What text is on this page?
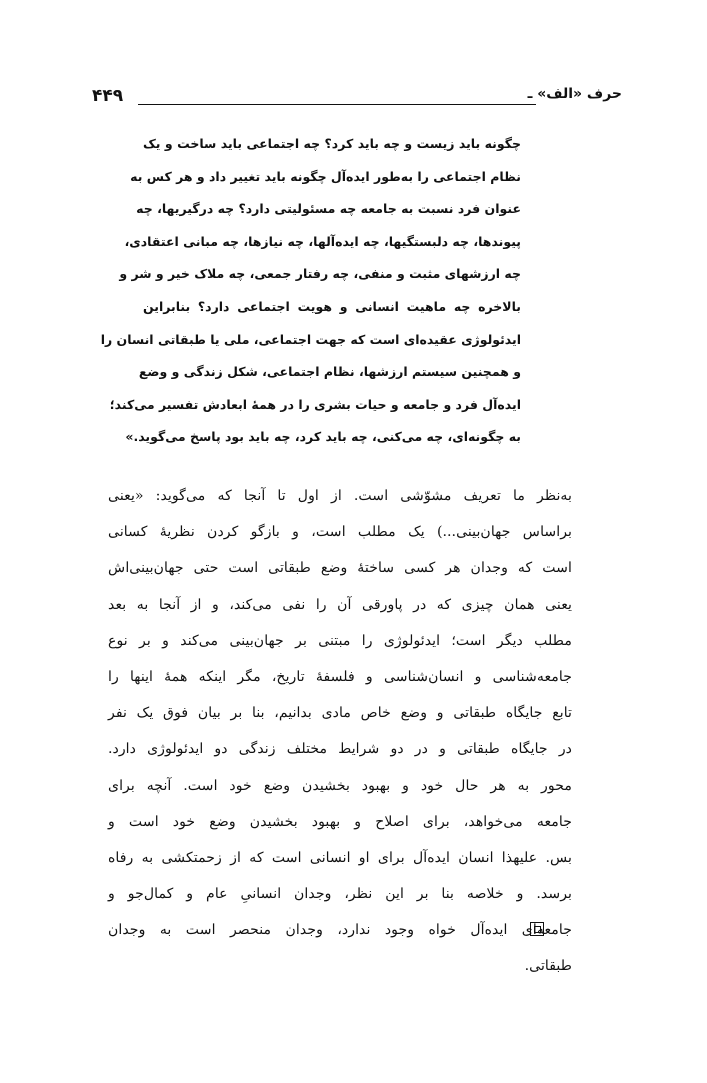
۴۴۹	حرف «الف» ـ
چگونه باید زیست و چه باید کرد؟ چه اجتماعی باید ساخت و یک
نظام اجتماعی را به‌طور ایده‌آل چگونه باید تغییر داد و هر کس به
عنوان فرد نسبت به جامعه چه مسئولیتی دارد؟ چه درگیریها، چه
پیوندها، چه دلبستگیها، چه ایده‌آلها، چه نیازها، چه مبانی اعتقادی،
چه ارزشهای مثبت و منفی، چه رفتار جمعی، چه ملاک خیر و شر و
بالاخره چه ماهیت انسانی و هویت اجتماعی دارد؟ بنابراین
ایدئولوژی عقیده‌ای است که جهت اجتماعی، ملی یا طبقاتی انسان را
و همچنین سیستم ارزشها، نظام اجتماعی، شکل زندگی و وضع
ایده‌آل فرد و جامعه و حیات بشری را در همهٔ ابعادش تفسیر می‌کند؛
به چگونه‌ای، چه می‌کنی، چه باید کرد، چه باید بود پاسخ می‌گوید.»
به‌نظر ما تعریف مشوّشی است. از اول تا آنجا که می‌گوید: «یعنی
براساس جهان‌بینی...) یک مطلب است، و بازگو کردن نظریهٔ کسانی
است که وجدان هر کسی ساختهٔ وضع طبقاتی است حتی جهان‌بینی‌اش
یعنی همان چیزی که در پاورقی آن را نفی می‌کند، و از آنجا به بعد
مطلب دیگر است؛ ایدئولوژی را مبتنی بر جهان‌بینی می‌کند و بر نوع
جامعه‌شناسی و انسان‌شناسی و فلسفهٔ تاریخ، مگر اینکه همهٔ اینها را
تابع جایگاه طبقاتی و وضع خاص مادی بدانیم، بنا بر بیان فوق یک نفر
در جایگاه طبقاتی و در دو شرایط مختلف زندگی دو ایدئولوژی دارد.
محور به هر حال خود و بهبود بخشیدن وضع خود است. آنچه برای
جامعه می‌خواهد، برای اصلاح و بهبود بخشیدن وضع خود است و
بس. علیهذا انسان ایده‌آل برای او انسانی است که از زحمتکشی به رفاه
برسد. و خلاصه بنا بر این نظر، وجدان انسانیِ عام و کمال‌جو و
جامعه‌ای ایده‌آل خواه وجود ندارد، وجدان منحصر است به وجدان
طبقاتی.
